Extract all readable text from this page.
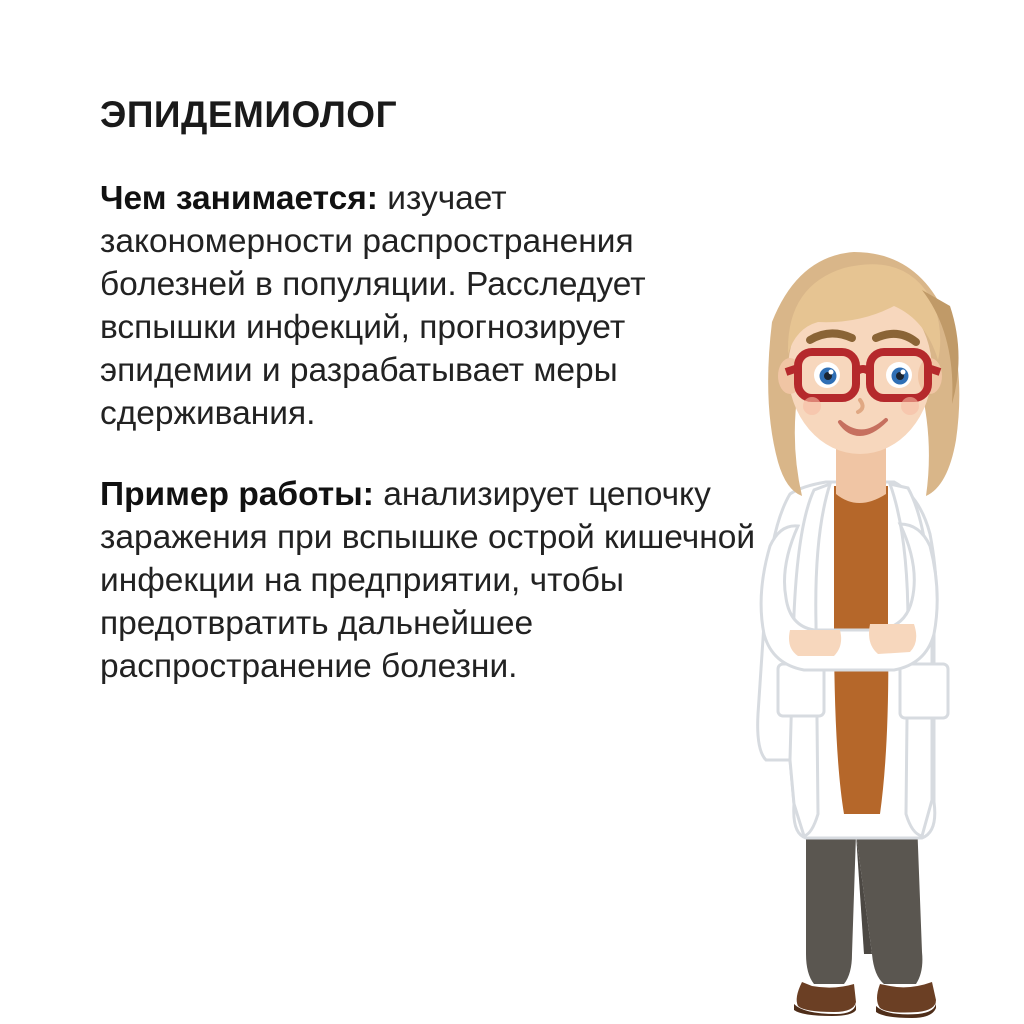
ЭПИДЕМИОЛОГ

Чем занимается: изучает закономерности распространения болезней в популяции. Расследует вспышки инфекций, прогнозирует эпидемии и разрабатывает меры сдерживания.

Пример работы: анализирует цепочку заражения при вспышке острой кишечной инфекции на предприятии, чтобы предотвратить дальнейшее распространение болезни.
